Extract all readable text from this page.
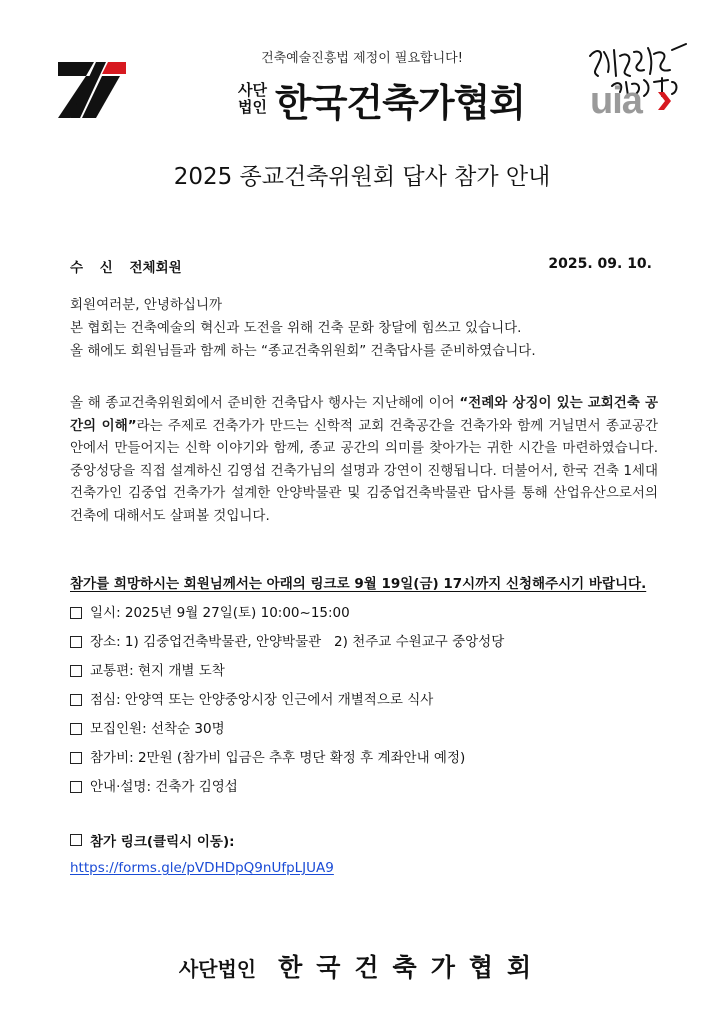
건축예술진흥법 제정이 필요합니다!
사단
법인 한국건축가협회 uia
2025 종교건축위원회 답사 참가 안내
수 신 전체회원	2025. 09. 10.
회원여러분, 안녕하십니까
본 협회는 건축예술의 혁신과 도전을 위해 건축 문화 창달에 힘쓰고 있습니다.
올 해에도 회원님들과 함께 하는 “종교건축위원회” 건축답사를 준비하였습니다.
올 해 종교건축위원회에서 준비한 건축답사 행사는 지난해에 이어 “전례와 상징이 있는 교회건축 공간의 이해”라는 주제로 건축가가 만드는 신학적 교회 건축공간을 건축가와 함께 거닐면서 종교공간 안에서 만들어지는 신학 이야기와 함께, 종교 공간의 의미를 찾아가는 귀한 시간을 마련하였습니다. 중앙성당을 직접 설계하신 김영섭 건축가님의 설명과 강연이 진행됩니다. 더불어서, 한국 건축 1세대 건축가인 김중업 건축가가 설계한 안양박물관 및 김중업건축박물관 답사를 통해 산업유산으로서의 건축에 대해서도 살펴볼 것입니다.
참가를 희망하시는 회원님께서는 아래의 링크로 9월 19일(금) 17시까지 신청해주시기 바랍니다.
일시: 2025년 9월 27일(토) 10:00~15:00
장소: 1) 김중업건축박물관, 안양박물관   2) 천주교 수원교구 중앙성당
교통편: 현지 개별 도착
점심: 안양역 또는 안양중앙시장 인근에서 개별적으로 식사
모집인원: 선착순 30명
참가비: 2만원 (참가비 입금은 추후 명단 확정 후 계좌안내 예정)
안내·설명: 건축가 김영섭
참가 링크(클릭시 이동):
https://forms.gle/pVDHDpQ9nUfpLJUA9
사단법인 한국건축가협회
